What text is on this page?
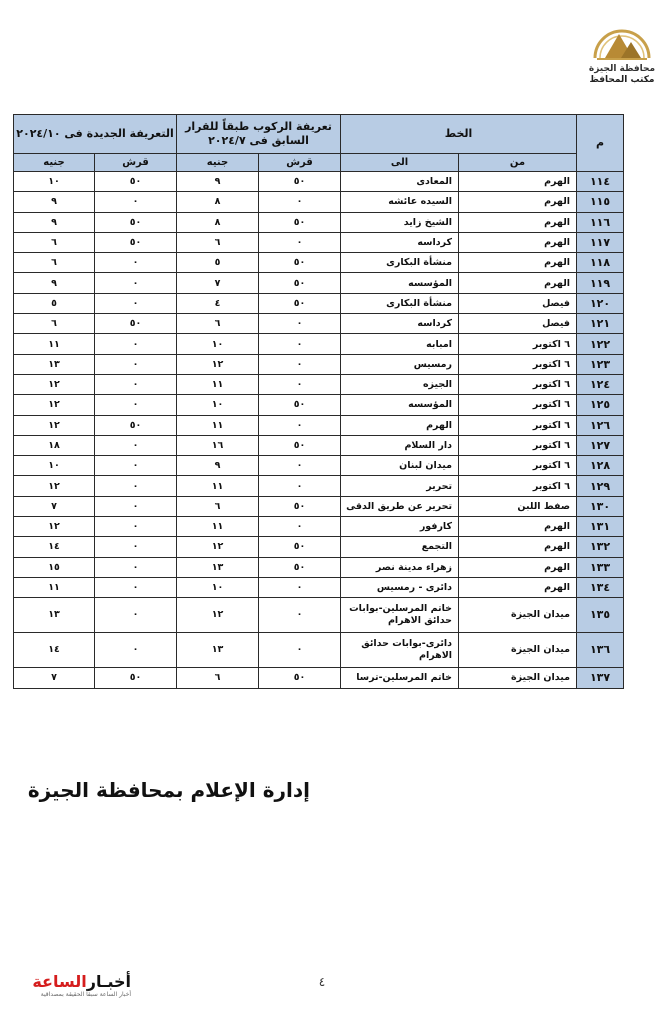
محافظة الجيزة
مكتب المحافظ
م	الخط		تعريفة الركوب طبقاً للقرار السابق فى ٢٠٢٤/٧		التعريفة الجديدة فى ٢٠٢٤/١٠	
	من	الى	قرش	جنيه	قرش	جنيه
١١٤	الهرم	المعادى	٥٠	٩	٥٠	١٠
١١٥	الهرم	السيده عائشه	٠	٨	٠	٩
١١٦	الهرم	الشيخ زايد	٥٠	٨	٥٠	٩
١١٧	الهرم	كرداسه	٠	٦	٥٠	٦
١١٨	الهرم	منشأة البكارى	٥٠	٥	٠	٦
١١٩	الهرم	المؤسسه	٥٠	٧	٠	٩
١٢٠	فيصل	منشأة البكارى	٥٠	٤	٠	٥
١٢١	فيصل	كرداسه	٠	٦	٥٠	٦
١٢٢	٦ اكتوبر	امبابه	٠	١٠	٠	١١
١٢٣	٦ اكتوبر	رمسيس	٠	١٢	٠	١٣
١٢٤	٦ اكتوبر	الجيزه	٠	١١	٠	١٢
١٢٥	٦ اكتوبر	المؤسسه	٥٠	١٠	٠	١٢
١٢٦	٦ اكتوبر	الهرم	٠	١١	٥٠	١٢
١٢٧	٦ اكتوبر	دار السلام	٥٠	١٦	٠	١٨
١٢٨	٦ اكتوبر	ميدان لبنان	٠	٩	٠	١٠
١٢٩	٦ اكتوبر	تحرير	٠	١١	٠	١٢
١٣٠	صفط اللبن	تحرير عن طريق الدقى	٥٠	٦	٠	٧
١٣١	الهرم	كارفور	٠	١١	٠	١٢
١٣٢	الهرم	التجمع	٥٠	١٢	٠	١٤
١٣٣	الهرم	زهراء مدينة نصر	٥٠	١٣	٠	١٥
١٣٤	الهرم	دائرى - رمسيس	٠	١٠	٠	١١
١٣٥	ميدان الجيزة	خاتم المرسلين-بوابات حدائق الاهرام	٠	١٢	٠	١٣
١٣٦	ميدان الجيزة	دائرى-بوابات حدائق الاهرام	٠	١٣	٠	١٤
١٣٧	ميدان الجيزة	خاتم المرسلين-ترسا	٥٠	٦	٥٠	٧
إدارة الإعلام بمحافظة الجيزة
٤
أخبـارالساعة
أخبار الساعة سبقاً الحقيقة بمصداقية
